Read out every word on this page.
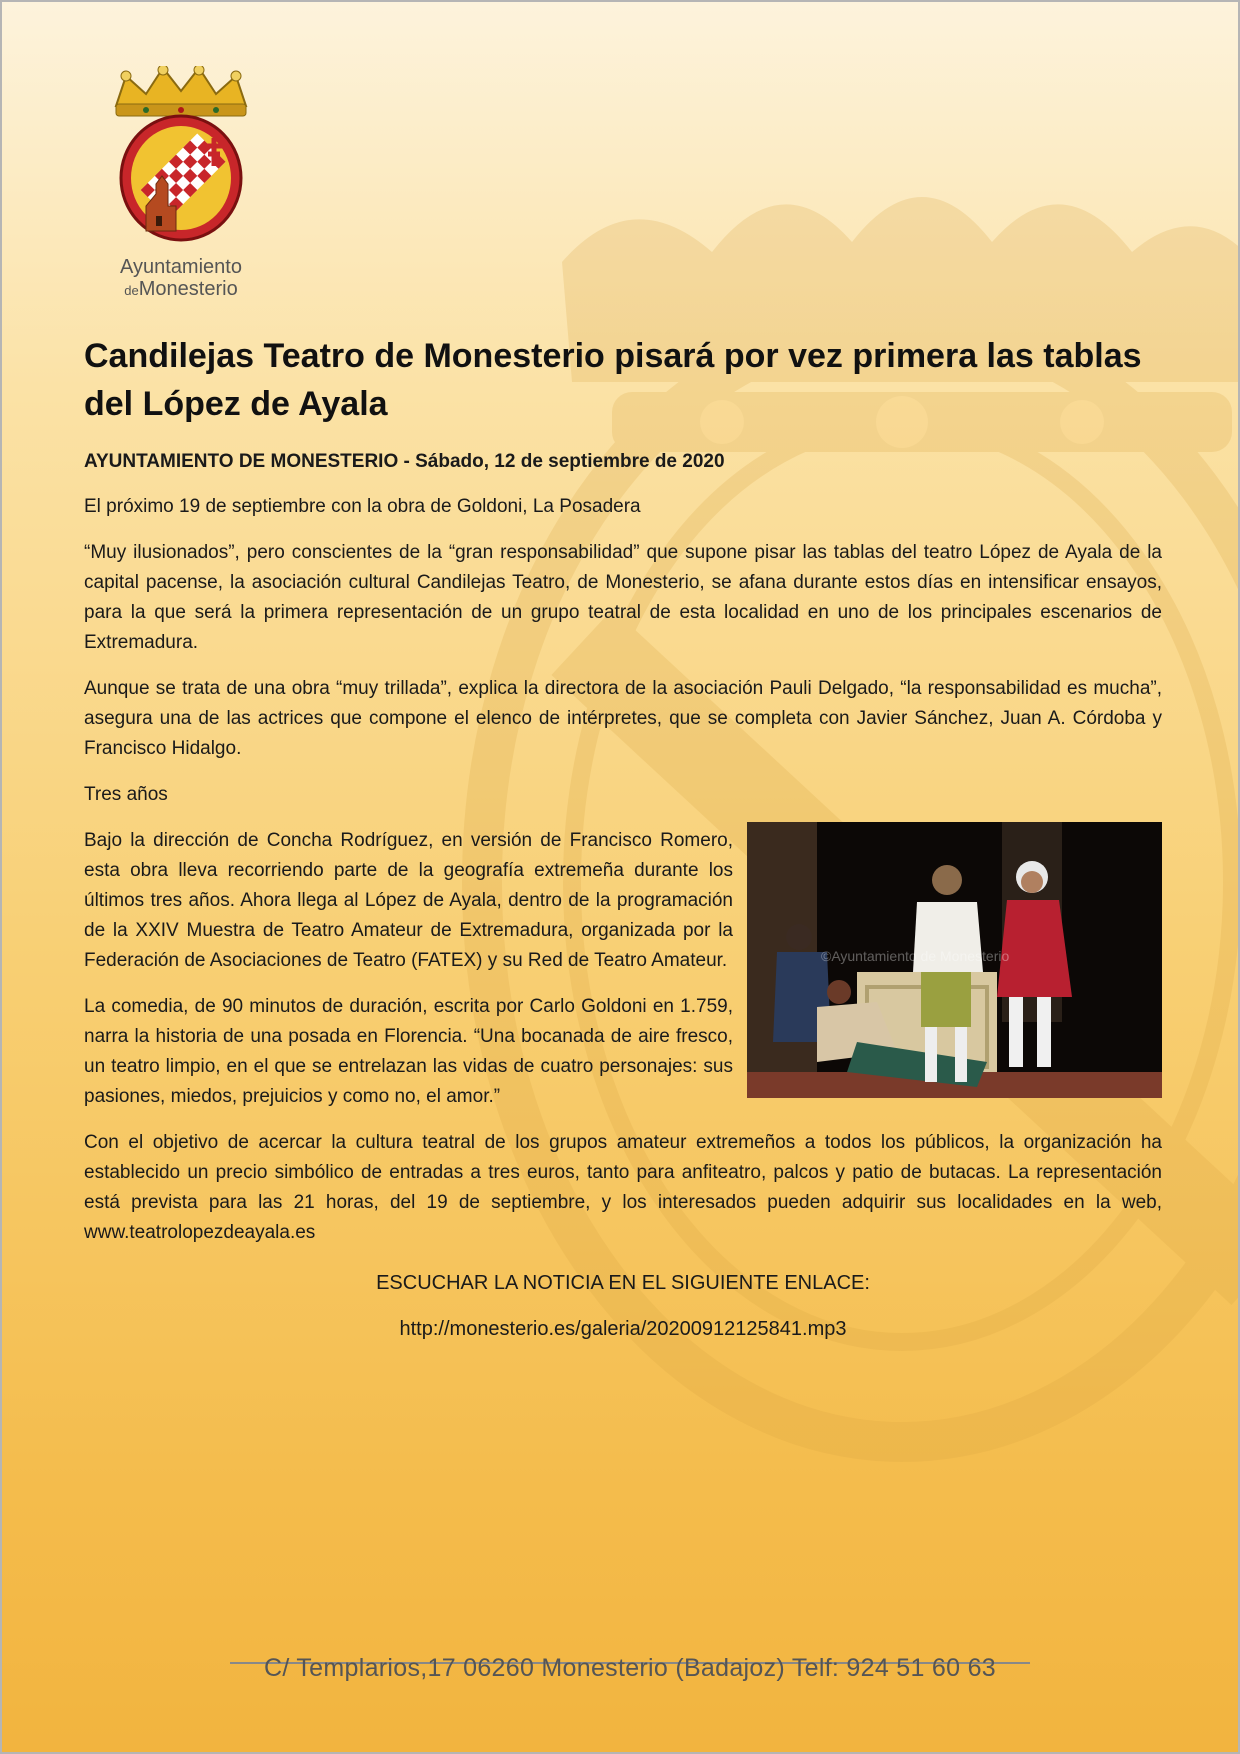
Ayuntamiento
deMonesterio
Candilejas Teatro de Monesterio pisará por vez primera las tablas del López de Ayala
AYUNTAMIENTO DE MONESTERIO - Sábado, 12 de septiembre de 2020

El próximo 19 de septiembre con la obra de Goldoni, La Posadera

“Muy ilusionados”, pero conscientes de la “gran responsabilidad” que supone pisar las tablas del teatro López de Ayala de la capital pacense, la asociación cultural Candilejas Teatro, de Monesterio, se afana durante estos días en intensificar ensayos, para la que será la primera representación de un grupo teatral de esta localidad en uno de los principales escenarios de Extremadura.

Aunque se trata de una obra “muy trillada”, explica la directora de la asociación Pauli Delgado, “la responsabilidad es mucha”, asegura una de las actrices que compone el elenco de intérpretes, que se completa con Javier Sánchez, Juan A. Córdoba y Francisco Hidalgo.

Tres años

©Ayuntamiento de Monesterio

Bajo la dirección de Concha Rodríguez, en versión de Francisco Romero, esta obra lleva recorriendo parte de la geografía extremeña durante los últimos tres años. Ahora llega al López de Ayala, dentro de la programación de la XXIV Muestra de Teatro Amateur de Extremadura, organizada por la Federación de Asociaciones de Teatro (FATEX) y su Red de Teatro Amateur.

La comedia, de 90 minutos de duración, escrita por Carlo Goldoni en 1.759, narra la historia de una posada en Florencia. “Una bocanada de aire fresco, un teatro limpio, en el que se entrelazan las vidas de cuatro personajes: sus pasiones, miedos, prejuicios y como no, el amor.”

Con el objetivo de acercar la cultura teatral de los grupos amateur extremeños a todos los públicos, la organización ha establecido un precio simbólico de entradas a tres euros, tanto para anfiteatro, palcos y patio de butacas. La representación está prevista para las 21 horas, del 19 de septiembre, y los interesados pueden adquirir sus localidades en la web, www.teatrolopezdeayala.es

ESCUCHAR LA NOTICIA EN EL SIGUIENTE ENLACE:
http://monesterio.es/galeria/20200912125841.mp3
C/ Templarios,17 06260 Monesterio (Badajoz) Telf: 924 51 60 63
